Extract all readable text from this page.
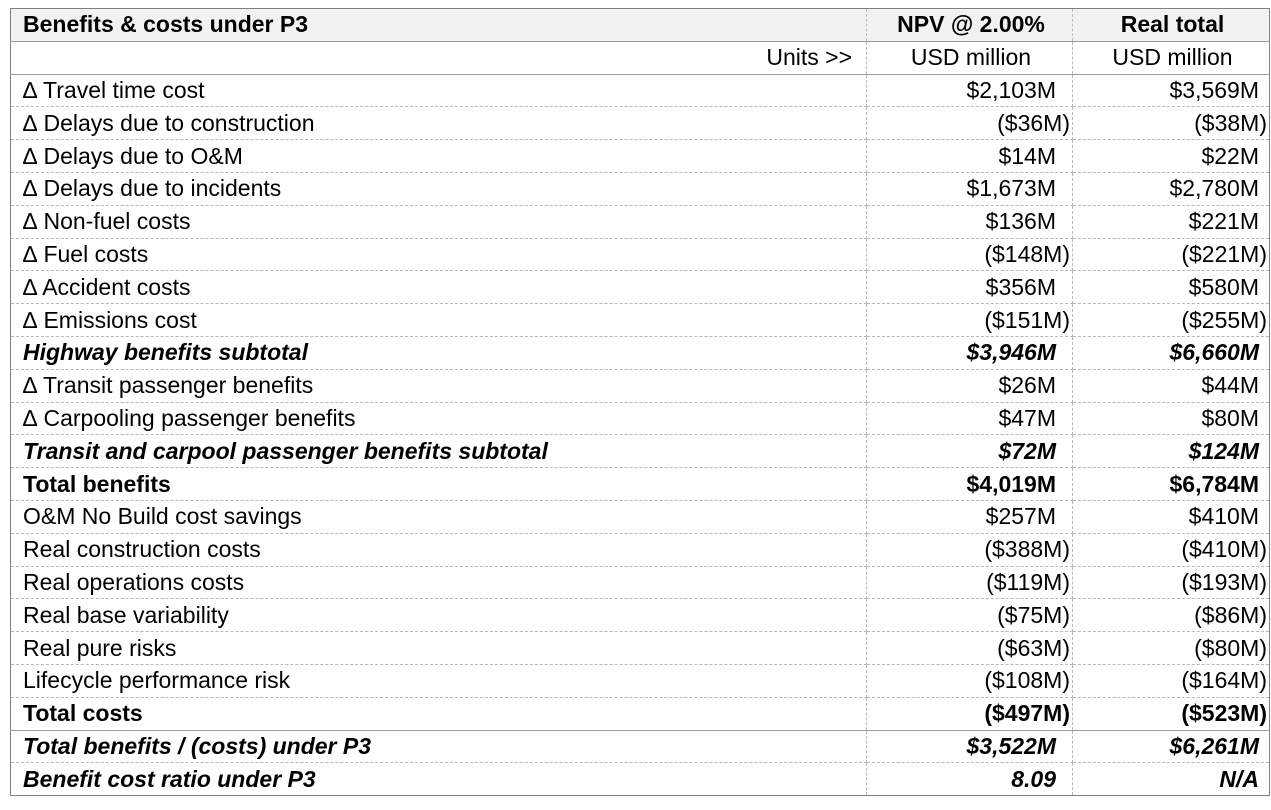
Benefits & costs under P3	NPV @ 2.00%	Real total
Units >>	USD million	USD million
∆ Travel time cost	$2,103M	$3,569M
∆ Delays due to construction	($36M)	($38M)
∆ Delays due to O&M	$14M	$22M
∆ Delays due to incidents	$1,673M	$2,780M
∆ Non-fuel costs	$136M	$221M
∆ Fuel costs	($148M)	($221M)
∆ Accident costs	$356M	$580M
∆ Emissions cost	($151M)	($255M)
Highway benefits subtotal	$3,946M	$6,660M
∆ Transit passenger benefits	$26M	$44M
∆ Carpooling passenger benefits	$47M	$80M
Transit and carpool passenger benefits subtotal	$72M	$124M
Total benefits	$4,019M	$6,784M
O&M No Build cost savings	$257M	$410M
Real construction costs	($388M)	($410M)
Real operations costs	($119M)	($193M)
Real base variability	($75M)	($86M)
Real pure risks	($63M)	($80M)
Lifecycle performance risk	($108M)	($164M)
Total costs	($497M)	($523M)
Total benefits / (costs) under P3	$3,522M	$6,261M
Benefit cost ratio under P3	8.09	N/A
